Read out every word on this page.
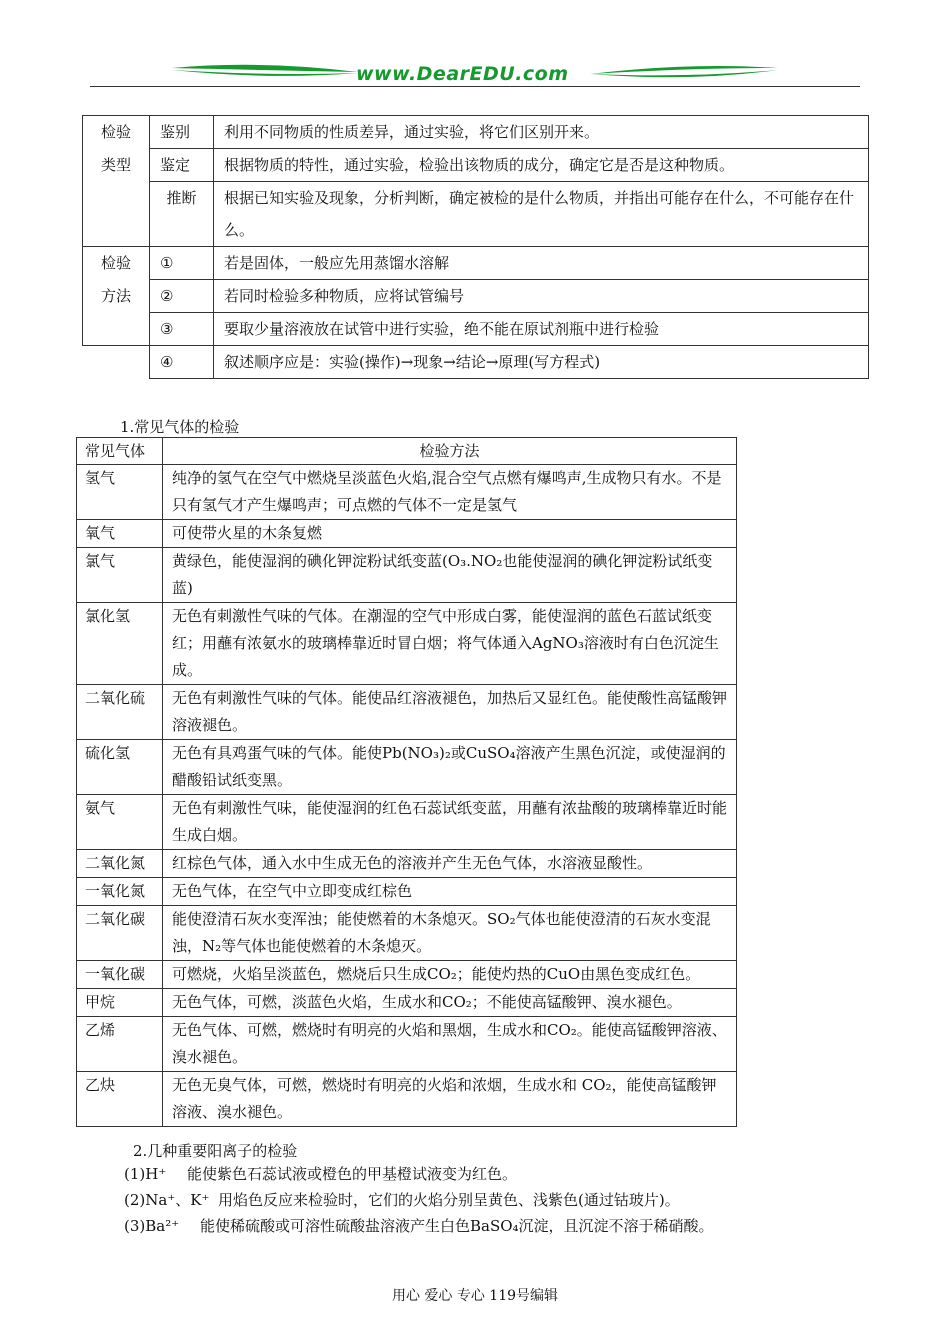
www.DearEDU.com
检验	鉴别	利用不同物质的性质差异，通过实验，将它们区别开来。
类型	鉴定	根据物质的特性，通过实验，检验出该物质的成分，确定它是否是这种物质。
	推断	根据已知实验及现象，分析判断，确定被检的是什么物质，并指出可能存在什么，不可能存在什么。
检验	①	若是固体，一般应先用蒸馏水溶解
方法	②	若同时检验多种物质，应将试管编号
	③	要取少量溶液放在试管中进行实验，绝不能在原试剂瓶中进行检验
	④	叙述顺序应是：实验(操作)→现象→结论→原理(写方程式)
1.常见气体的检验
常见气体	检验方法
氢气	纯净的氢气在空气中燃烧呈淡蓝色火焰,混合空气点燃有爆鸣声,生成物只有水。不是只有氢气才产生爆鸣声；可点燃的气体不一定是氢气
氧气	可使带火星的木条复燃
氯气	黄绿色，能使湿润的碘化钾淀粉试纸变蓝(O₃.NO₂也能使湿润的碘化钾淀粉试纸变蓝)
氯化氢	无色有刺激性气味的气体。在潮湿的空气中形成白雾，能使湿润的蓝色石蓝试纸变红；用蘸有浓氨水的玻璃棒靠近时冒白烟；将气体通入AgNO₃溶液时有白色沉淀生成。
二氧化硫	无色有刺激性气味的气体。能使品红溶液褪色，加热后又显红色。能使酸性高锰酸钾溶液褪色。
硫化氢	无色有具鸡蛋气味的气体。能使Pb(NO₃)₂或CuSO₄溶液产生黑色沉淀，或使湿润的醋酸铅试纸变黑。
氨气	无色有刺激性气味，能使湿润的红色石蕊试纸变蓝，用蘸有浓盐酸的玻璃棒靠近时能生成白烟。
二氧化氮	红棕色气体，通入水中生成无色的溶液并产生无色气体，水溶液显酸性。
一氧化氮	无色气体，在空气中立即变成红棕色
二氧化碳	能使澄清石灰水变浑浊；能使燃着的木条熄灭。SO₂气体也能使澄清的石灰水变混浊，N₂等气体也能使燃着的木条熄灭。
一氧化碳	可燃烧，火焰呈淡蓝色，燃烧后只生成CO₂；能使灼热的CuO由黑色变成红色。
甲烷	无色气体，可燃，淡蓝色火焰，生成水和CO₂；不能使高锰酸钾、溴水褪色。
乙烯	无色气体、可燃，燃烧时有明亮的火焰和黑烟，生成水和CO₂。能使高锰酸钾溶液、溴水褪色。
乙炔	无色无臭气体，可燃，燃烧时有明亮的火焰和浓烟，生成水和 CO₂，能使高锰酸钾溶液、溴水褪色。
2.几种重要阳离子的检验
(1)H⁺ 能使紫色石蕊试液或橙色的甲基橙试液变为红色。
(2)Na⁺、K⁺ 用焰色反应来检验时，它们的火焰分别呈黄色、浅紫色(通过钴玻片)。
(3)Ba²⁺ 能使稀硫酸或可溶性硫酸盐溶液产生白色BaSO₄沉淀，且沉淀不溶于稀硝酸。
用心 爱心 专心 119号编辑
